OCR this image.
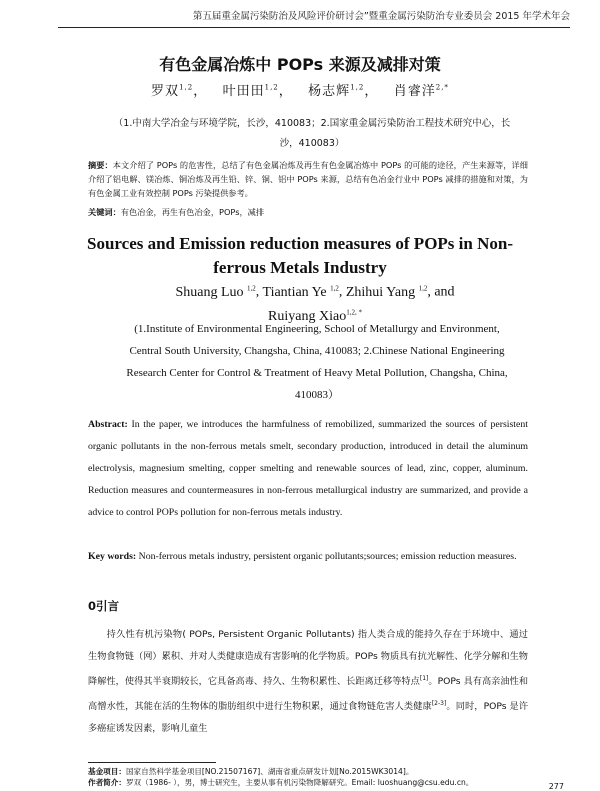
第五届重金属污染防治及风险评价研讨会”暨重金属污染防治专业委员会 2015 年学术年会
有色金属冶炼中 POPs 来源及减排对策
罗双$^{1,2}$，   叶田田$^{1,2}$，   杨志辉$^{1,2}$，   肖睿洋$^{2,*}$
（1.中南大学冶金与环境学院，长沙，410083；2.国家重金属污染防治工程技术研究中心，长沙，410083）
摘要：本文介绍了 POPs 的危害性，总结了有色金属冶炼及再生有色金属冶炼中 POPs 的可能的途径，产生来源等，详细介绍了铝电解、镁冶炼、铜冶炼及再生铅、锌、铜、铝中 POPs 来源，总结有色冶金行业中 POPs 减排的措施和对策，为有色金属工业有效控制 POPs 污染提供参考。
关键词：有色冶金，再生有色冶金，POPs，减排
Sources and Emission reduction measures of POPs in Non- ferrous Metals Industry
Shuang Luo $^{1,2}$, Tiantian Ye $^{1,2}$, Zhihui Yang $^{1,2}$, and Ruiyang Xiao$^{1,2, *}$
(1.Institute of Environmental Engineering, School of Metallurgy and Environment, Central South University, Changsha, China, 410083; 2.Chinese National Engineering Research Center for Control & Treatment of Heavy Metal Pollution, Changsha, China, 410083）
Abstract: In the paper, we introduces the harmfulness of remobilized, summarized the sources of persistent organic pollutants in the non-ferrous metals smelt, secondary production, introduced in detail the aluminum electrolysis, magnesium smelting, copper smelting and renewable sources of lead, zinc, copper, aluminum. Reduction measures and countermeasures in non-ferrous metallurgical industry are summarized, and provide a advice to control POPs pollution for non-ferrous metals industry.
Key words: Non-ferrous metals industry, persistent organic pollutants;sources; emission reduction measures.
0引言
  持久性有机污染物( POPs, Persistent Organic Pollutants) 指人类合成的能持久存在于环境中、通过生物食物链（网）累积、并对人类健康造成有害影响的化学物质。POPs 物质具有抗光解性、化学分解和生物降解性，使得其半衰期较长，它具备高毒、持久、生物积累性、长距离迁移等特点[1]。POPs 具有高亲油性和高憎水性，其能在活的生物体的脂肪组织中进行生物积累，通过食物链危害人类健康[2-3]。同时，POPs 是许多癌症诱发因素，影响儿童生
基金项目：国家自然科学基金项目[NO.21507167]、湖南省重点研发计划[No.2015WK3014]。
作者简介：罗双（1986- ），男，博士研究生，主要从事有机污染物降解研究。Email: luoshuang@csu.edu.cn。	277
